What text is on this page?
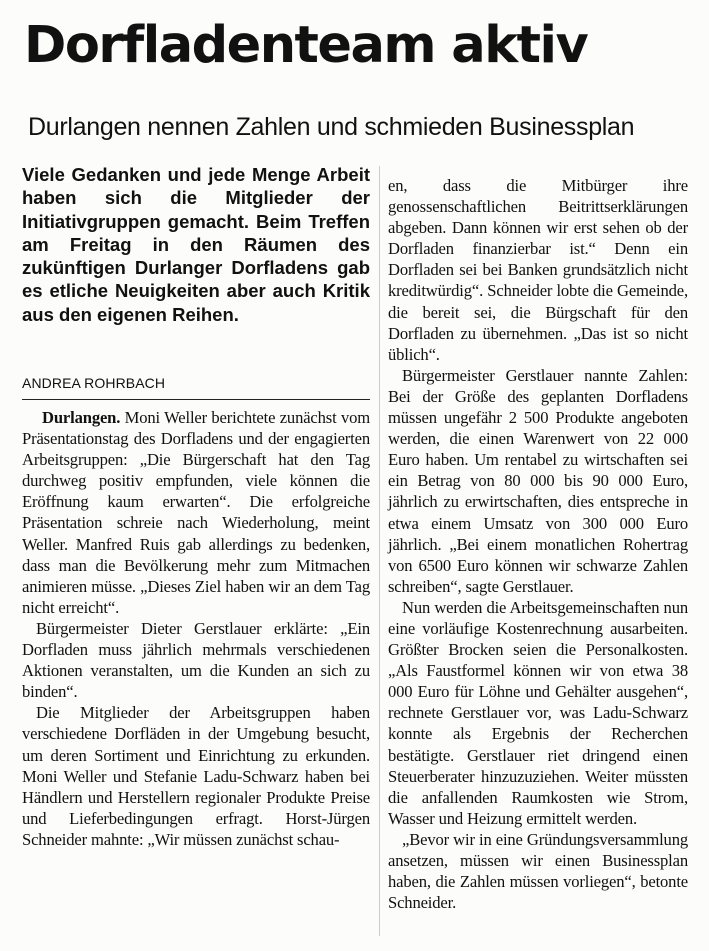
Dorfladenteam aktiv
Durlangen nennen Zahlen und schmieden Businessplan
Viele Gedanken und jede Menge Arbeit haben sich die Mitglieder der Initiativgruppen gemacht. Beim Treffen am Freitag in den Räumen des zukünftigen Durlanger Dorfladens gab es etliche Neuigkeiten aber auch Kritik aus den eigenen Reihen.
ANDREA ROHRBACH

Durlangen. Moni Weller berichtete zunächst vom Präsentationstag des Dorfladens und der engagierten Arbeitsgruppen: „Die Bürgerschaft hat den Tag durchweg positiv empfunden, viele können die Eröffnung kaum erwarten“. Die erfolgreiche Präsentation schreie nach Wiederholung, meint Weller. Manfred Ruis gab allerdings zu bedenken, dass man die Bevölkerung mehr zum Mitmachen animieren müsse. „Dieses Ziel haben wir an dem Tag nicht erreicht“.

Bürgermeister Dieter Gerstlauer erklärte: „Ein Dorfladen muss jährlich mehrmals verschiedenen Aktionen veranstalten, um die Kunden an sich zu binden“.

Die Mitglieder der Arbeitsgruppen haben verschiedene Dorfläden in der Umgebung besucht, um deren Sortiment und Einrichtung zu erkunden. Moni Weller und Stefanie Ladu-Schwarz haben bei Händlern und Herstellern regionaler Produkte Preise und Lieferbedingungen erfragt. Horst-Jürgen Schneider mahnte: „Wir müssen zunächst schau-

en, dass die Mitbürger ihre genossenschaftlichen Beitrittserklärungen abgeben. Dann können wir erst sehen ob der Dorfladen finanzierbar ist.“ Denn ein Dorfladen sei bei Banken grundsätzlich nicht kreditwürdig“. Schneider lobte die Gemeinde, die bereit sei, die Bürgschaft für den Dorfladen zu übernehmen. „Das ist so nicht üblich“.

Bürgermeister Gerstlauer nannte Zahlen: Bei der Größe des geplanten Dorfladens müssen ungefähr 2 500 Produkte angeboten werden, die einen Warenwert von 22 000 Euro haben. Um rentabel zu wirtschaften sei ein Betrag von 80 000 bis 90 000 Euro, jährlich zu erwirtschaften, dies entspreche in etwa einem Umsatz von 300 000 Euro jährlich. „Bei einem monatlichen Rohertrag von 6500 Euro können wir schwarze Zahlen schreiben“, sagte Gerstlauer.

Nun werden die Arbeitsgemeinschaften nun eine vorläufige Kostenrechnung ausarbeiten. Größter Brocken seien die Personalkosten. „Als Faustformel können wir von etwa 38 000 Euro für Löhne und Gehälter ausgehen“, rechnete Gerstlauer vor, was Ladu-Schwarz konnte als Ergebnis der Recherchen bestätigte. Gerstlauer riet dringend einen Steuerberater hinzuzuziehen. Weiter müssten die anfallenden Raumkosten wie Strom, Wasser und Heizung ermittelt werden.

„Bevor wir in eine Gründungsversammlung ansetzen, müssen wir einen Businessplan haben, die Zahlen müssen vorliegen“, betonte Schneider.
